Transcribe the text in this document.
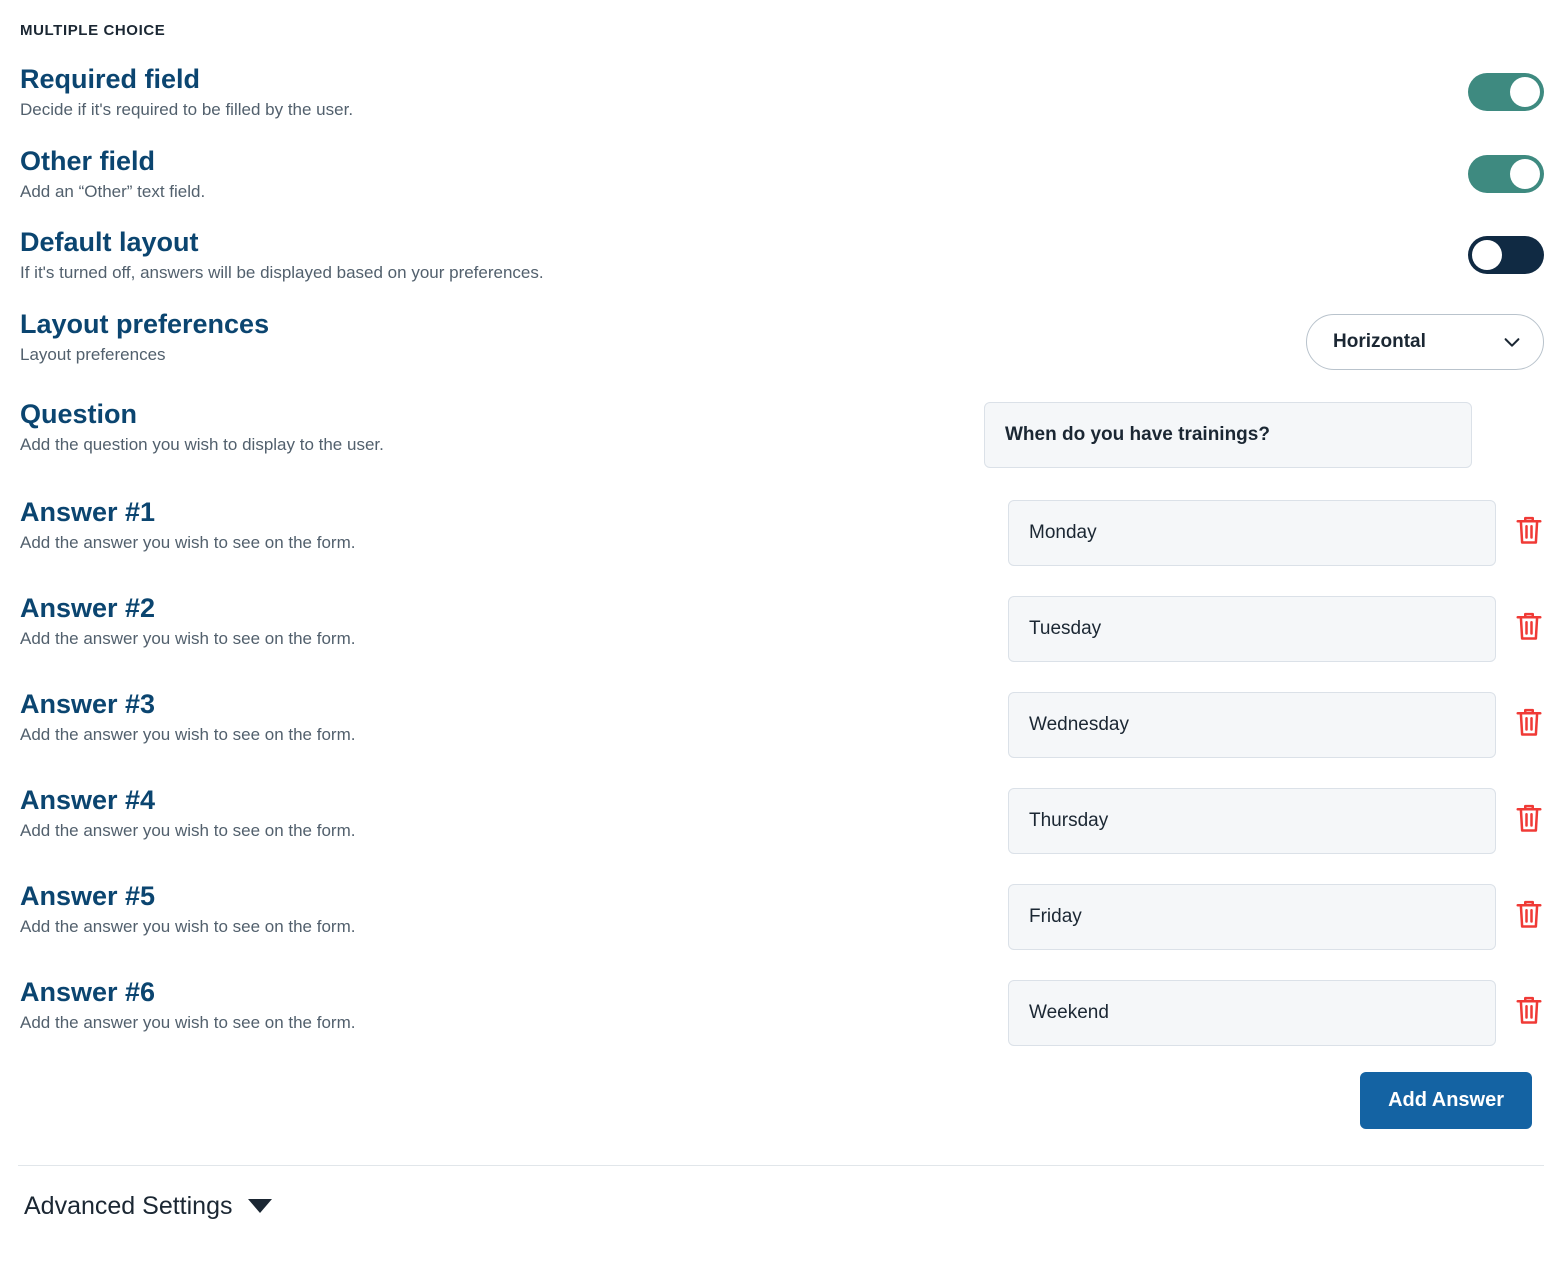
MULTIPLE CHOICE
Required field
Decide if it's required to be filled by the user.
Other field
Add an “Other” text field.
Default layout
If it's turned off, answers will be displayed based on your preferences.
Layout preferences
Layout preferences
Horizontal
Question
Add the question you wish to display to the user.	When do you have trainings?
Answer #1
Add the answer you wish to see on the form.	Monday
Answer #2
Add the answer you wish to see on the form.	Tuesday
Answer #3
Add the answer you wish to see on the form.	Wednesday
Answer #4
Add the answer you wish to see on the form.	Thursday
Answer #5
Add the answer you wish to see on the form.	Friday
Answer #6
Add the answer you wish to see on the form.	Weekend
Add Answer
Advanced Settings
